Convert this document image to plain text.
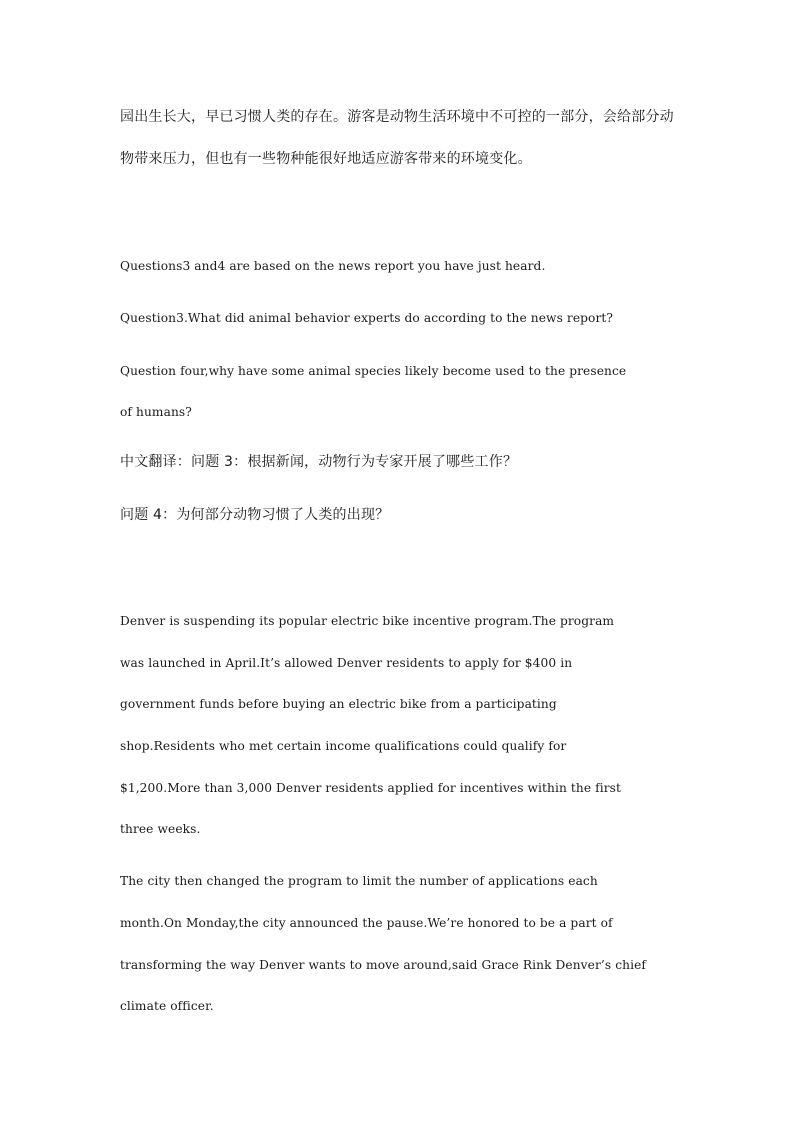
园出生长大，早已习惯人类的存在。游客是动物生活环境中不可控的一部分，会给部分动
物带来压力，但也有一些物种能很好地适应游客带来的环境变化。
Questions3 and4 are based on the news report you have just heard.
Question3.What did animal behavior experts do according to the news report?
Question four,why have some animal species likely become used to the presence
of humans?
中文翻译：问题 3：根据新闻，动物行为专家开展了哪些工作？
问题 4：为何部分动物习惯了人类的出现？
Denver is suspending its popular electric bike incentive program.The program
was launched in April.It’s allowed Denver residents to apply for $400 in
government funds before buying an electric bike from a participating
shop.Residents who met certain income qualifications could qualify for
$1,200.More than 3,000 Denver residents applied for incentives within the first
three weeks.
The city then changed the program to limit the number of applications each
month.On Monday,the city announced the pause.We’re honored to be a part of
transforming the way Denver wants to move around,said Grace Rink Denver’s chief
climate officer.
